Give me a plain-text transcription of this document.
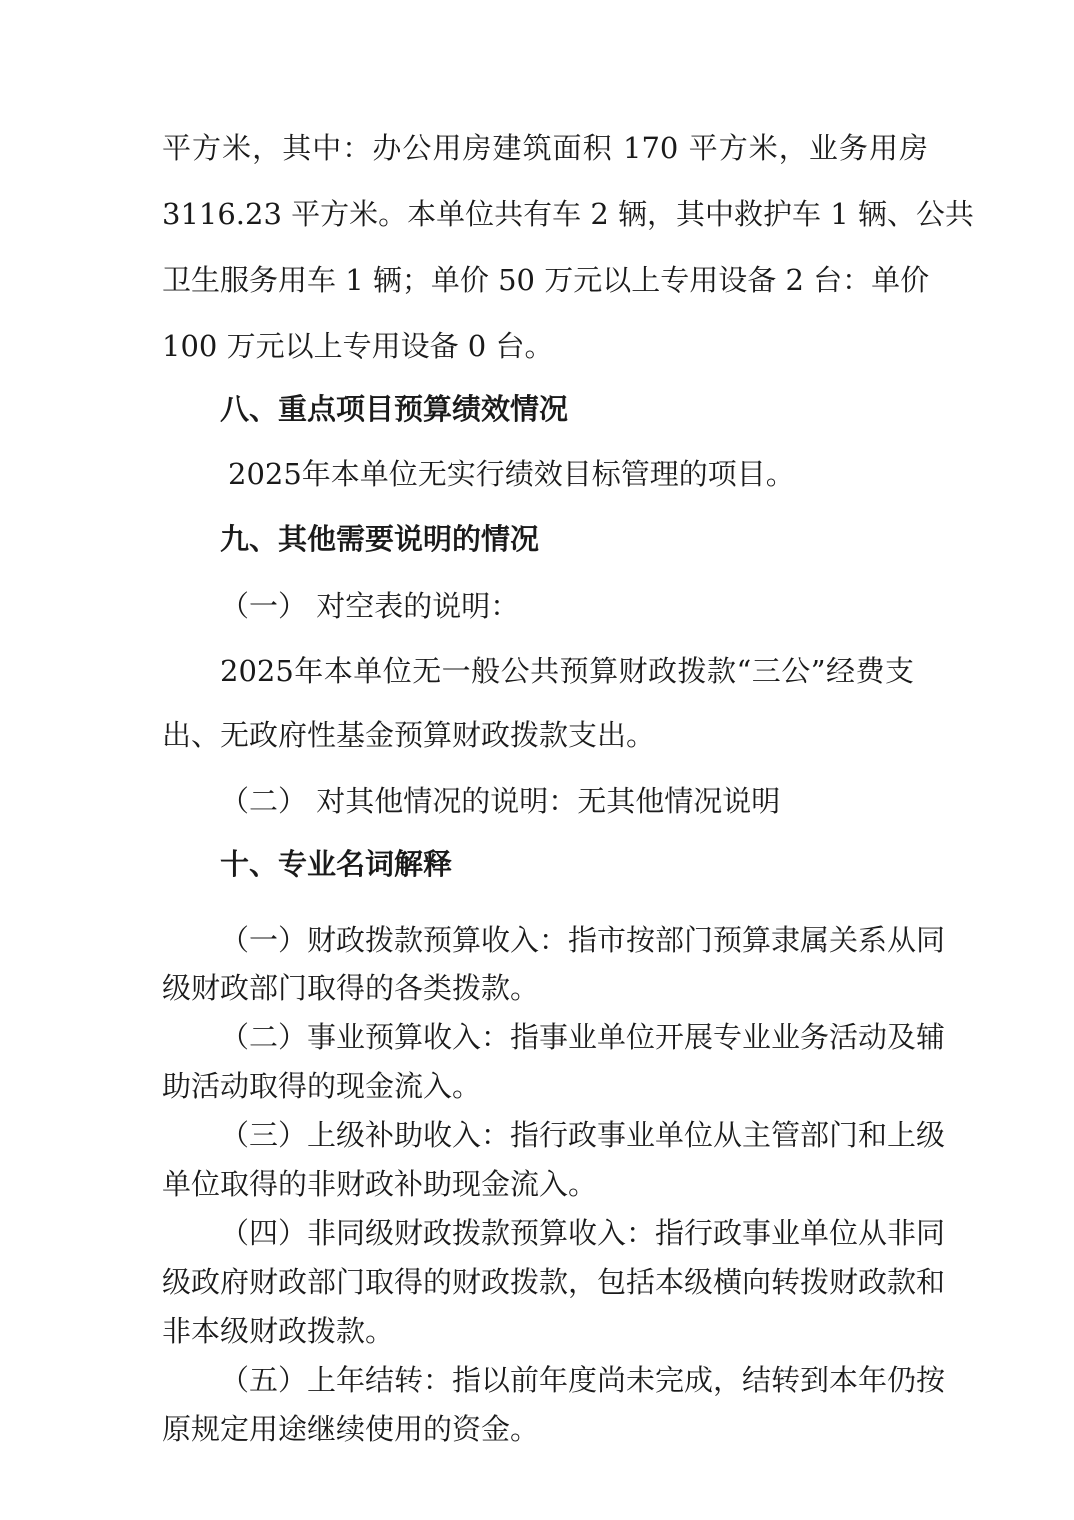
平方米，其中：办公用房建筑面积 170 平方米，业务用房
3116.23 平方米。本单位共有车 2 辆，其中救护车 1 辆、公共
卫生服务用车 1 辆；单价 50 万元以上专用设备 2 台：单价
100 万元以上专用设备 0 台。
八、重点项目预算绩效情况
2025年本单位无实行绩效目标管理的项目。
九、其他需要说明的情况
（一） 对空表的说明：
2025年本单位无一般公共预算财政拨款“三公”经费支
出、无政府性基金预算财政拨款支出。
（二） 对其他情况的说明：无其他情况说明
十、专业名词解释
（一）财政拨款预算收入：指市按部门预算隶属关系从同
级财政部门取得的各类拨款。
（二）事业预算收入：指事业单位开展专业业务活动及辅
助活动取得的现金流入。
（三）上级补助收入：指行政事业单位从主管部门和上级
单位取得的非财政补助现金流入。
（四）非同级财政拨款预算收入：指行政事业单位从非同
级政府财政部门取得的财政拨款，包括本级横向转拨财政款和
非本级财政拨款。
（五）上年结转：指以前年度尚未完成，结转到本年仍按
原规定用途继续使用的资金。
